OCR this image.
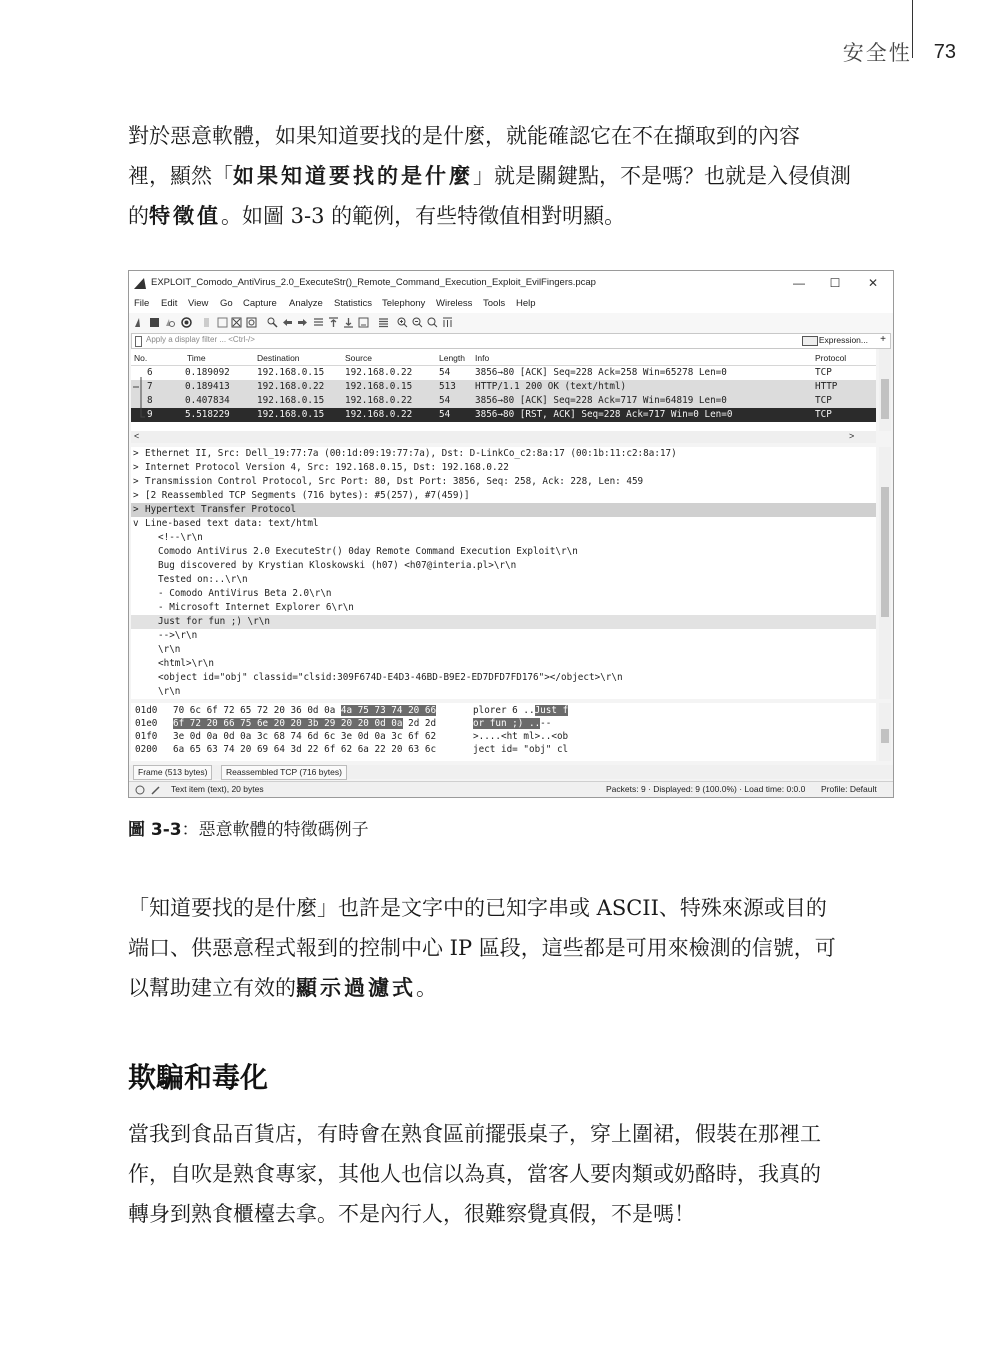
安全性 73
對於惡意軟體，如果知道要找的是什麼，就能確認它在不在擷取到的內容
裡，顯然「如果知道要找的是什麼」就是關鍵點，不是嗎？也就是入侵偵測
的特徵值。如圖 3-3 的範例，有些特徵值相對明顯。
EXPLOIT_Comodo_AntiVirus_2.0_ExecuteStr()_Remote_Command_Execution_Exploit_EvilFingers.pcap	—	☐	✕
File Edit View Go Capture Analyze Statistics Telephony Wireless Tools Help
Apply a display filter ... <Ctrl-/>	Expression... +
No.	Time	Destination	Source	Length Info	Protocol
6	0.189092	192.168.0.15 192.168.0.22	54	3856→80 [ACK] Seq=228 Ack=258 Win=65278 Len=0	TCP
7	0.189413	192.168.0.22 192.168.0.15	513 HTTP/1.1 200 OK (text/html)	HTTP
8	0.407834	192.168.0.15 192.168.0.22	54	3856→80 [ACK] Seq=228 Ack=717 Win=64819 Len=0	TCP
9	5.518229	192.168.0.15 192.168.0.22	54	3856→80 [RST, ACK] Seq=228 Ack=717 Win=0 Len=0	TCP
<	>
> Ethernet II, Src: Dell_19:77:7a (00:1d:09:19:77:7a), Dst: D-LinkCo_c2:8a:17 (00:1b:11:c2:8a:17)
> Internet Protocol Version 4, Src: 192.168.0.15, Dst: 192.168.0.22
> Transmission Control Protocol, Src Port: 80, Dst Port: 3856, Seq: 258, Ack: 228, Len: 459
> [2 Reassembled TCP Segments (716 bytes): #5(257), #7(459)]
> Hypertext Transfer Protocol
v Line-based text data: text/html
<!--\r\n
Comodo AntiVirus 2.0 ExecuteStr() 0day Remote Command Execution Exploit\r\n
Bug discovered by Krystian Kloskowski (h07) <h07@interia.pl>\r\n
Tested on:..\r\n
- Comodo AntiVirus Beta 2.0\r\n
- Microsoft Internet Explorer 6\r\n
Just for fun ;) \r\n
-->\r\n
\r\n
<html>\r\n
<object id="obj" classid="clsid:309F674D-E4D3-46BD-B9E2-ED7DFD7FD176"></object>\r\n
\r\n
01d0 70 6c 6f 72 65 72 20 36 0d 0a 4a 75 73 74 20 66	plorer 6 ..Just f
01e0 6f 72 20 66 75 6e 20 20 3b 29 20 20 0d 0a 2d 2d	or fun ;) ..--
01f0 3e 0d 0a 0d 0a 3c 68 74 6d 6c 3e 0d 0a 3c 6f 62	>....<ht ml>..<ob
0200 6a 65 63 74 20 69 64 3d 22 6f 62 6a 22 20 63 6c	ject id= "obj" cl
Frame (513 bytes)	Reassembled TCP (716 bytes)
Text item (text), 20 bytes	Packets: 9 · Displayed: 9 (100.0%) · Load time: 0:0.0 Profile: Default
圖 3-3：惡意軟體的特徵碼例子
「知道要找的是什麼」也許是文字中的已知字串或 ASCII、特殊來源或目的
端口、供惡意程式報到的控制中心 IP 區段，這些都是可用來檢測的信號，可
以幫助建立有效的顯示過濾式。
欺騙和毒化
當我到食品百貨店，有時會在熟食區前擺張桌子，穿上圍裙，假裝在那裡工
作，自吹是熟食專家，其他人也信以為真，當客人要肉類或奶酪時，我真的
轉身到熟食櫃檯去拿。不是內行人，很難察覺真假，不是嗎！
